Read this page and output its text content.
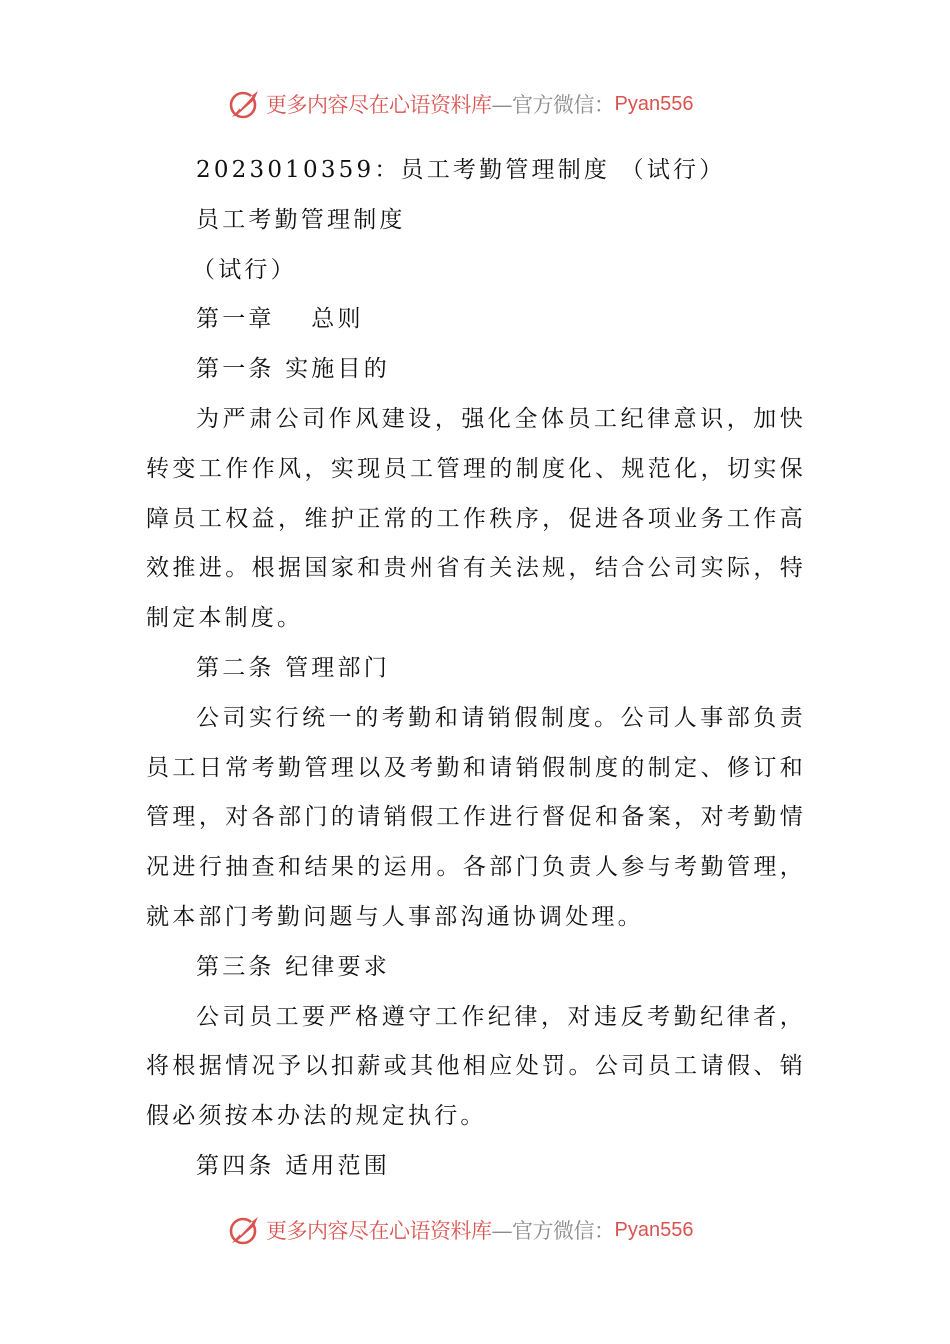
更多内容尽在心语资料库 —官方微信： Pyan556

2023010359：员工考勤管理制度 （试行）

员工考勤管理制度

（试行）

第一章　 总则

第一条 实施目的

为严肃公司作风建设，强化全体员工纪律意识，加快转变工作作风，实现员工管理的制度化、规范化，切实保障员工权益，维护正常的工作秩序，促进各项业务工作高效推进。根据国家和贵州省有关法规，结合公司实际，特制定本制度。

第二条 管理部门

公司实行统一的考勤和请销假制度。公司人事部负责员工日常考勤管理以及考勤和请销假制度的制定、修订和管理，对各部门的请销假工作进行督促和备案，对考勤情况进行抽查和结果的运用。各部门负责人参与考勤管理，就本部门考勤问题与人事部沟通协调处理。

第三条 纪律要求

公司员工要严格遵守工作纪律，对违反考勤纪律者，将根据情况予以扣薪或其他相应处罚。公司员工请假、销假必须按本办法的规定执行。

第四条 适用范围

更多内容尽在心语资料库 —官方微信： Pyan556
